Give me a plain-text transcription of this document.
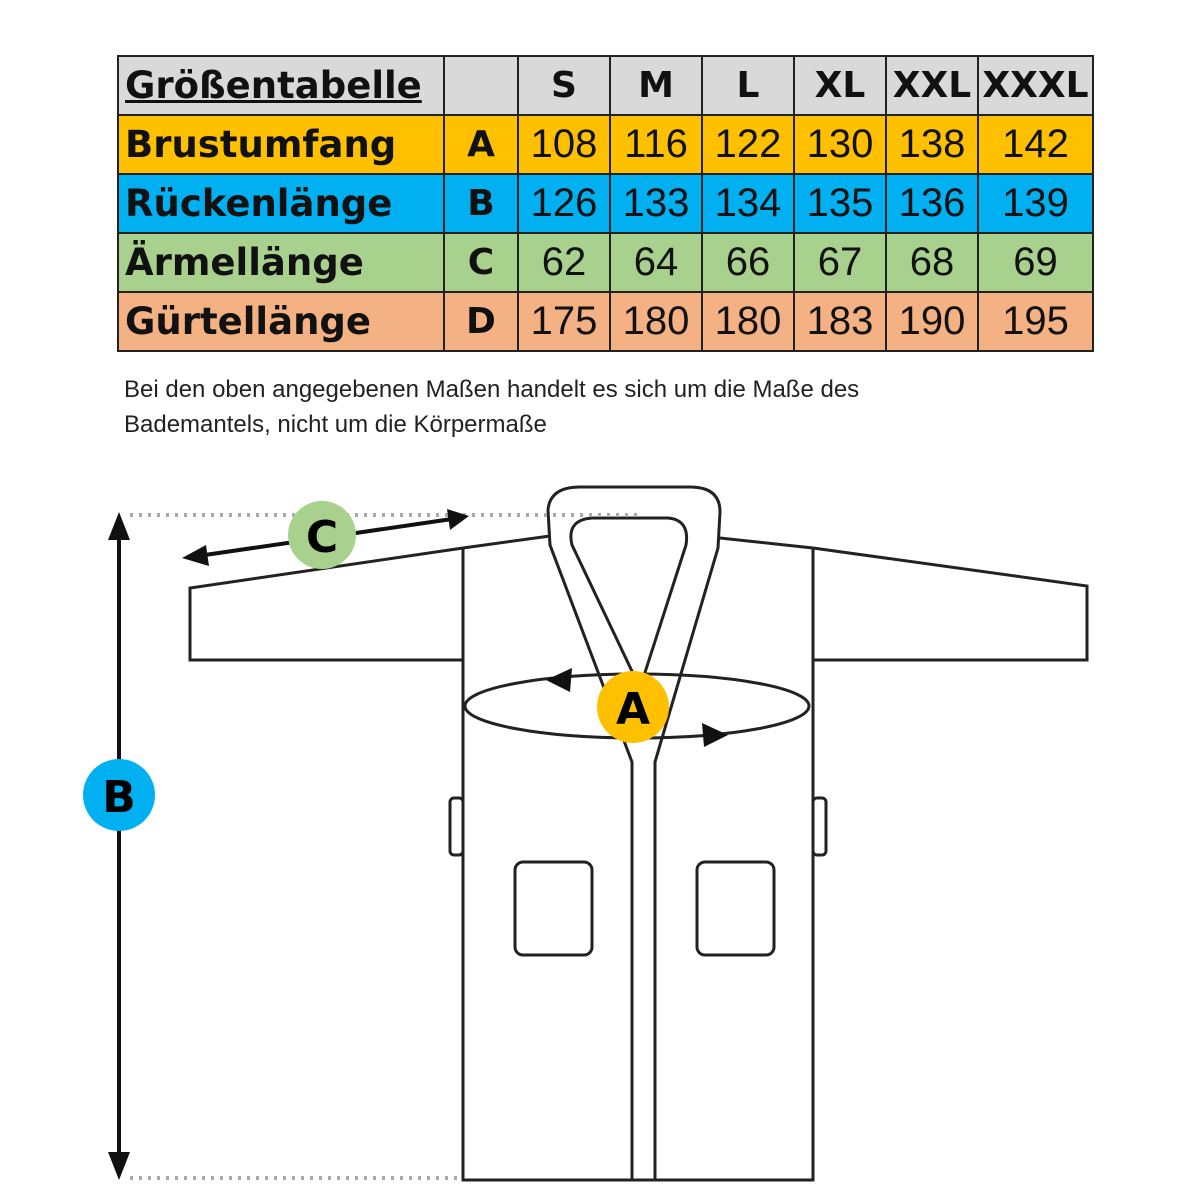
Größentabelle		S	M	L	XL	XXL	XXXL
Brustumfang	A	108	116	122	130	138	142
Rückenlänge	B	126	133	134	135	136	139
Ärmellänge	C	62	64	66	67	68	69
Gürtellänge	D	175	180	180	183	190	195
Bei den oben angegebenen Maßen handelt es sich um die Maße des Bademantels, nicht um die Körpermaße
A
B
C
